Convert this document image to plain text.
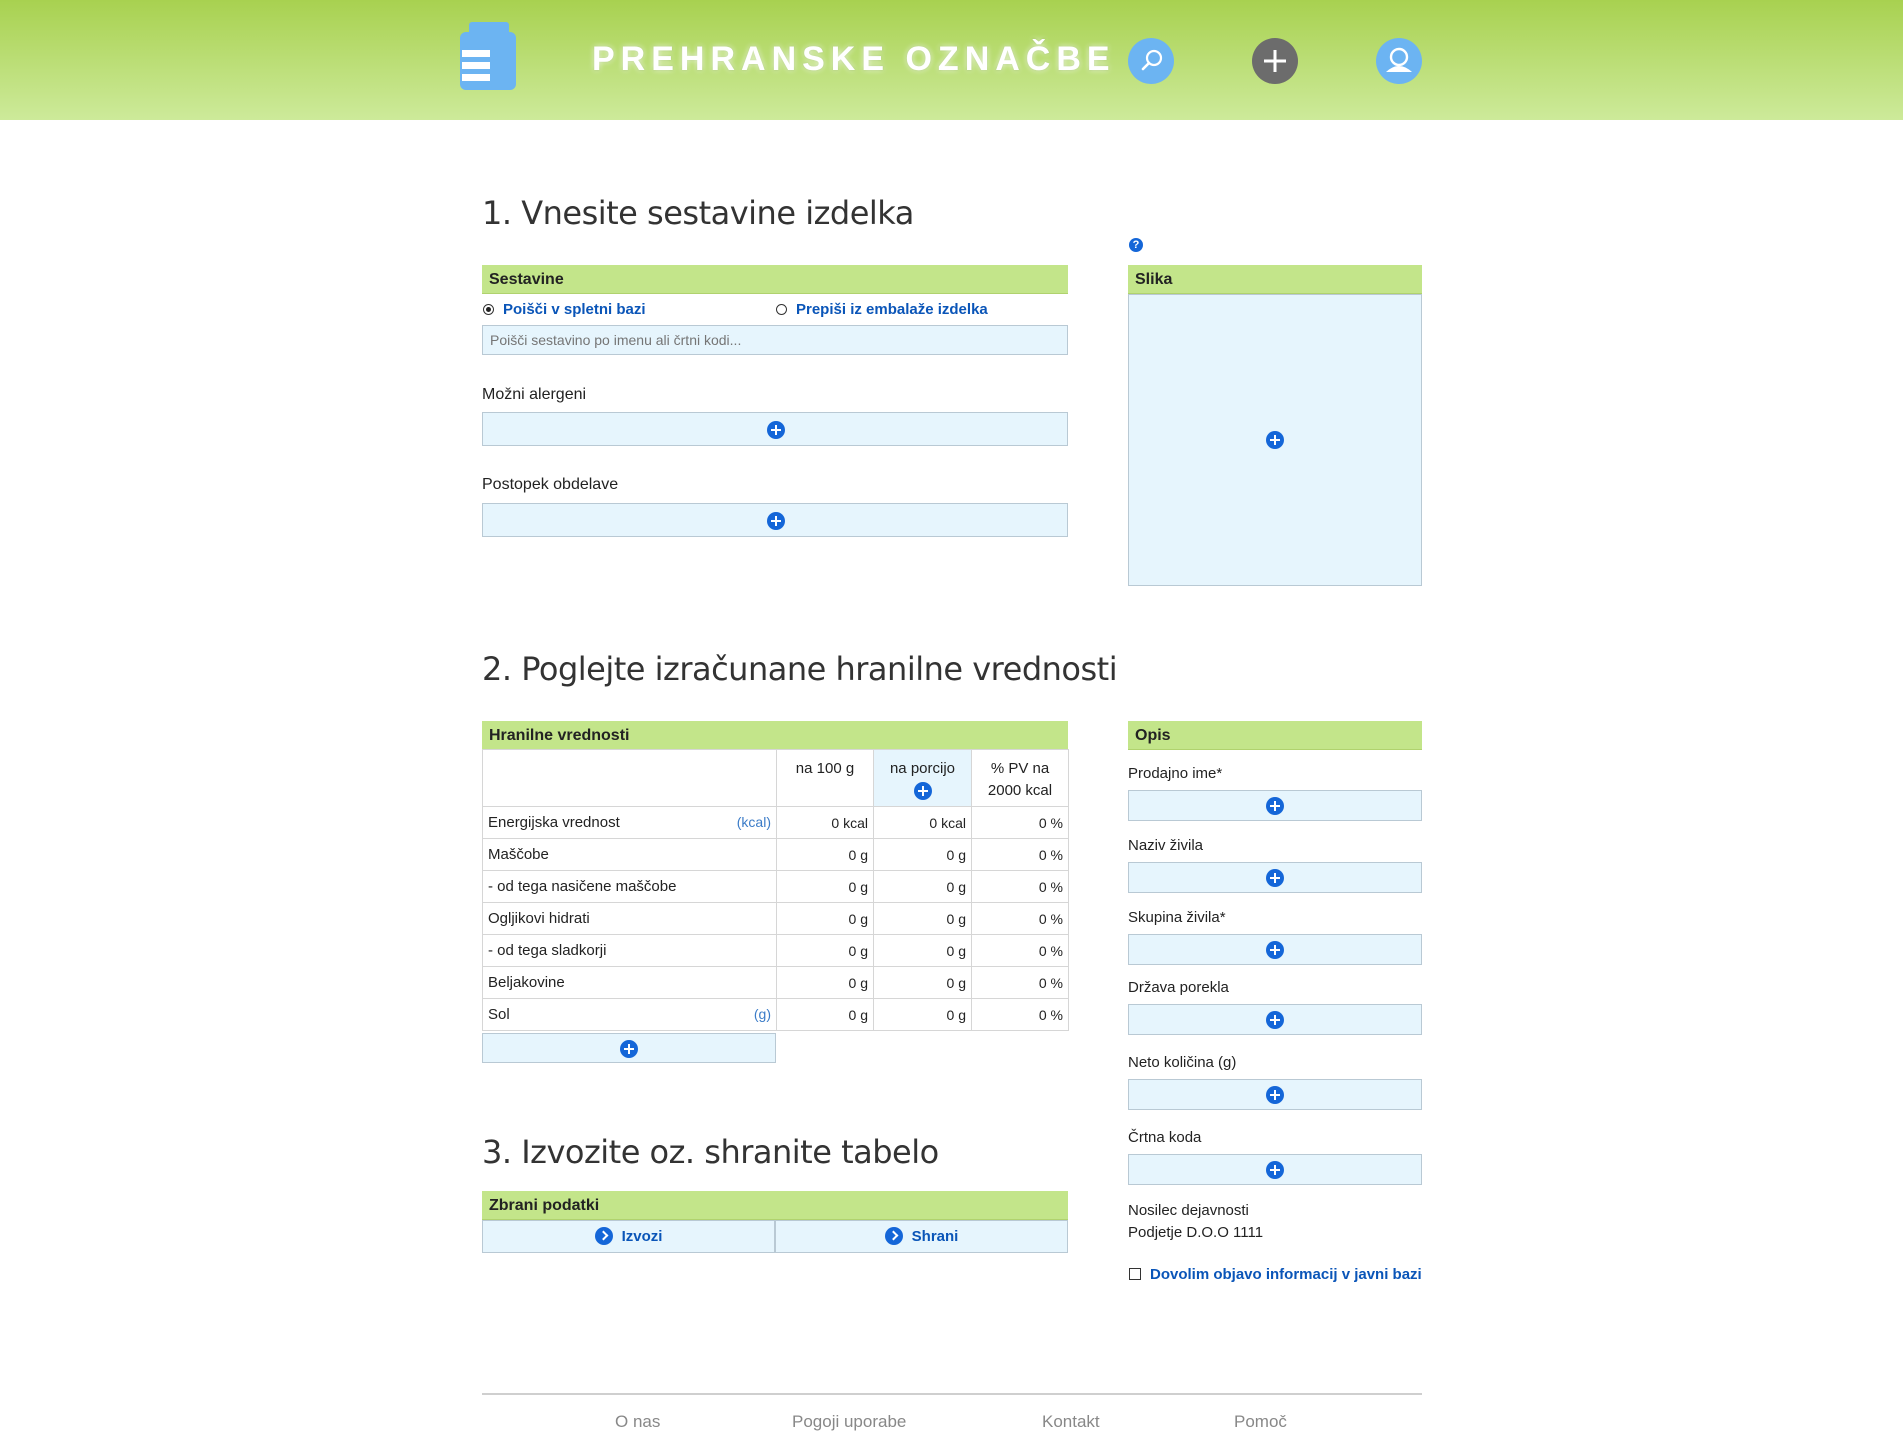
PREHRANSKE OZNAČBE
1. Vnesite sestavine izdelka
Sestavine
Poišči v spletni bazi	Prepiši iz embalaže izdelka
Poišči sestavino po imenu ali črtni kodi...
Možni alergeni
Postopek obdelave
?
Slika
2. Poglejte izračunane hranilne vrednosti
Hranilne vrednosti
	na 100 g	na porcijo	% PV na 2000 kcal
Energijska vrednost (kcal)	0 kcal	0 kcal	0 %
Maščobe	0 g	0 g	0 %
- od tega nasičene maščobe	0 g	0 g	0 %
Ogljikovi hidrati	0 g	0 g	0 %
- od tega sladkorji	0 g	0 g	0 %
Beljakovine	0 g	0 g	0 %
Sol (g)	0 g	0 g	0 %
Opis
Prodajno ime*
Naziv živila
Skupina živila*
Država porekla
Neto količina (g)
Črtna koda
Nosilec dejavnosti
Podjetje D.O.O 1111
Dovolim objavo informacij v javni bazi
3. Izvozite oz. shranite tabelo
Zbrani podatki
Izvozi	Shrani
O nas	Pogoji uporabe	Kontakt	Pomoč
